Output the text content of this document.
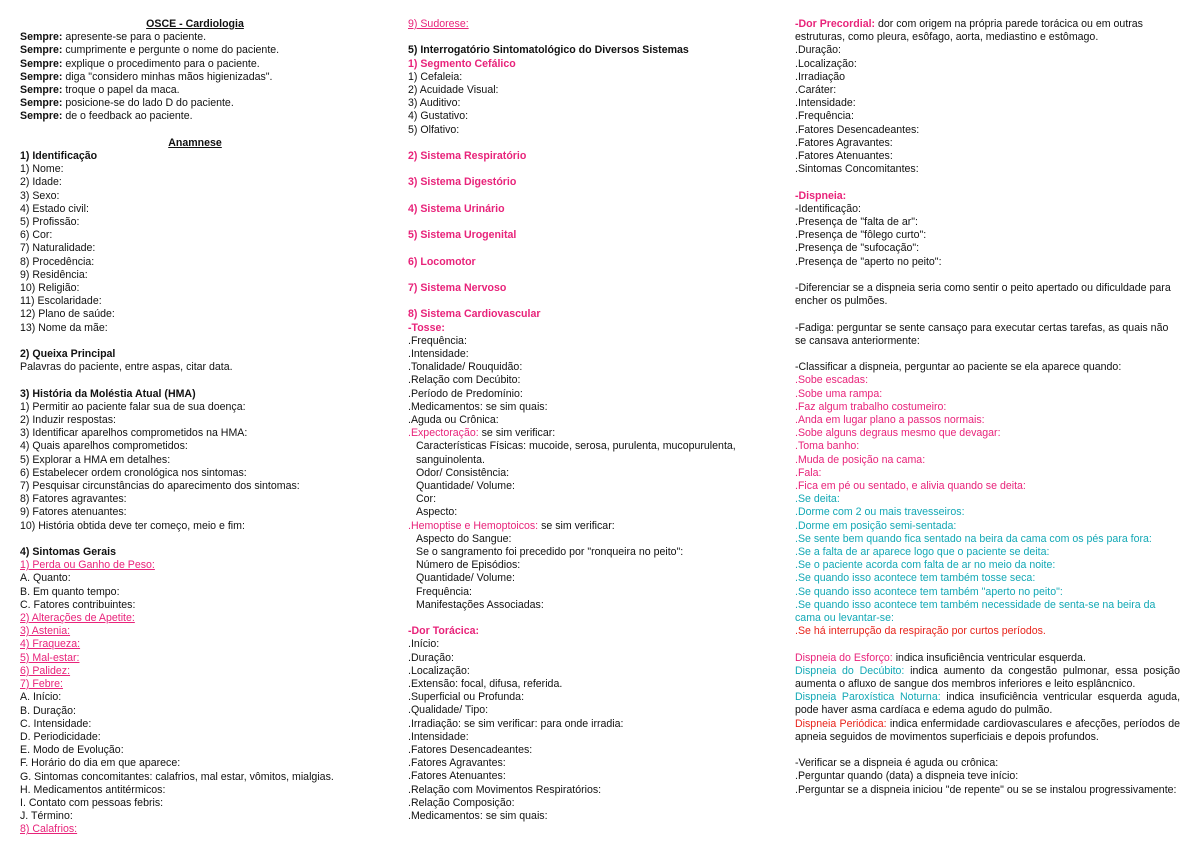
OSCE - Cardiologia
Sempre: apresente-se para o paciente.
Sempre: cumprimente e pergunte o nome do paciente.
Sempre: explique o procedimento para o paciente.
Sempre: diga "considero minhas mãos higienizadas".
Sempre: troque o papel da maca.
Sempre: posicione-se do lado D do paciente.
Sempre: de o feedback ao paciente.
Anamnese
1) Identificação
1) Nome:
2) Idade:
3) Sexo:
4) Estado civil:
5) Profissão:
6) Cor:
7) Naturalidade:
8) Procedência:
9) Residência:
10) Religião:
11) Escolaridade:
12) Plano de saúde:
13) Nome da mãe:
2) Queixa Principal
Palavras do paciente, entre aspas, citar data.
3) História da Moléstia Atual (HMA)
1) Permitir ao paciente falar sua de sua doença:
2) Induzir respostas:
3) Identificar aparelhos comprometidos na HMA:
4) Quais aparelhos comprometidos:
5) Explorar a HMA em detalhes:
6) Estabelecer ordem cronológica nos sintomas:
7) Pesquisar circunstâncias do aparecimento dos sintomas:
8) Fatores agravantes:
9) Fatores atenuantes:
10) História obtida deve ter começo, meio e fim:
4) Sintomas Gerais
1) Perda ou Ganho de Peso:
A. Quanto:
B. Em quanto tempo:
C. Fatores contribuintes:
2) Alterações de Apetite:
3) Astenia:
4) Fraqueza:
5) Mal-estar:
6) Palidez:
7) Febre:
A. Início:
B. Duração:
C. Intensidade:
D. Periodicidade:
E. Modo de Evolução:
F. Horário do dia em que aparece:
G. Sintomas concomitantes: calafrios, mal estar, vômitos, mialgias.
H. Medicamentos antitérmicos:
I. Contato com pessoas febris:
J. Término:
8) Calafrios:
9) Sudorese:
5) Interrogatório Sintomatológico do Diversos Sistemas
1) Segmento Cefálico
1) Cefaleia:
2) Acuidade Visual:
3) Auditivo:
4) Gustativo:
5) Olfativo:
2) Sistema Respiratório
3) Sistema Digestório
4) Sistema Urinário
5) Sistema Urogenital
6) Locomotor
7) Sistema Nervoso
8) Sistema Cardiovascular
-Tosse:
.Frequência:
.Intensidade:
.Tonalidade/ Rouquidão:
.Relação com Decúbito:
.Período de Predomínio:
.Medicamentos: se sim quais:
.Aguda ou Crônica:
.Expectoração: se sim verificar:
Características Físicas: mucoide, serosa, purulenta, mucopurulenta, sanguinolenta.
Odor/ Consistência:
Quantidade/ Volume:
Cor:
Aspecto:
.Hemoptise e Hemoptoicos: se sim verificar:
Aspecto do Sangue:
Se o sangramento foi precedido por "ronqueira no peito":
Número de Episódios:
Quantidade/ Volume:
Frequência:
Manifestações Associadas:
-Dor Torácica:
.Início:
.Duração:
.Localização:
.Extensão: focal, difusa, referida.
.Superficial ou Profunda:
.Qualidade/ Tipo:
.Irradiação: se sim verificar: para onde irradia:
.Intensidade:
.Fatores Desencadeantes:
.Fatores Agravantes:
.Fatores Atenuantes:
.Relação com Movimentos Respiratórios:
.Relação Composição:
.Medicamentos: se sim quais:
-Dor Precordial: dor com origem na própria parede torácica ou em outras estruturas, como pleura, esôfago, aorta, mediastino e estômago.
.Duração:
.Localização:
.Irradiação
.Caráter:
.Intensidade:
.Frequência:
.Fatores Desencadeantes:
.Fatores Agravantes:
.Fatores Atenuantes:
.Sintomas Concomitantes:
-Dispneia:
-Identificação:
.Presença de "falta de ar":
.Presença de "fôlego curto":
.Presença de "sufocação":
.Presença de "aperto no peito":
-Diferenciar se a dispneia seria como sentir o peito apertado ou dificuldade para encher os pulmões.
-Fadiga: perguntar se sente cansaço para executar certas tarefas, as quais não se cansava anteriormente:
-Classificar a dispneia, perguntar ao paciente se ela aparece quando:
.Sobe escadas:
.Sobe uma rampa:
.Faz algum trabalho costumeiro:
.Anda em lugar plano a passos normais:
.Sobe alguns degraus mesmo que devagar:
.Toma banho:
.Muda de posição na cama:
.Fala:
.Fica em pé ou sentado, e alivia quando se deita:
.Se deita:
.Dorme com 2 ou mais travesseiros:
.Dorme em posição semi-sentada:
.Se sente bem quando fica sentado na beira da cama com os pés para fora:
.Se a falta de ar aparece logo que o paciente se deita:
.Se o paciente acorda com falta de ar no meio da noite:
.Se quando isso acontece tem também tosse seca:
.Se quando isso acontece tem também "aperto no peito":
.Se quando isso acontece tem também necessidade de senta-se na beira da cama ou levantar-se:
.Se há interrupção da respiração por curtos períodos.
Dispneia do Esforço: indica insuficiência ventricular esquerda.
Dispneia do Decúbito: indica aumento da congestão pulmonar, essa posição aumenta o afluxo de sangue dos membros inferiores e leito esplâncnico.
Dispneia Paroxística Noturna: indica insuficiência ventricular esquerda aguda, pode haver asma cardíaca e edema agudo do pulmão.
Dispneia Periódica: indica enfermidade cardiovasculares e afecções, períodos de apneia seguidos de movimentos superficiais e depois profundos.
-Verificar se a dispneia é aguda ou crônica:
.Perguntar quando (data) a dispneia teve início:
.Perguntar se a dispneia iniciou "de repente" ou se se instalou progressivamente:
